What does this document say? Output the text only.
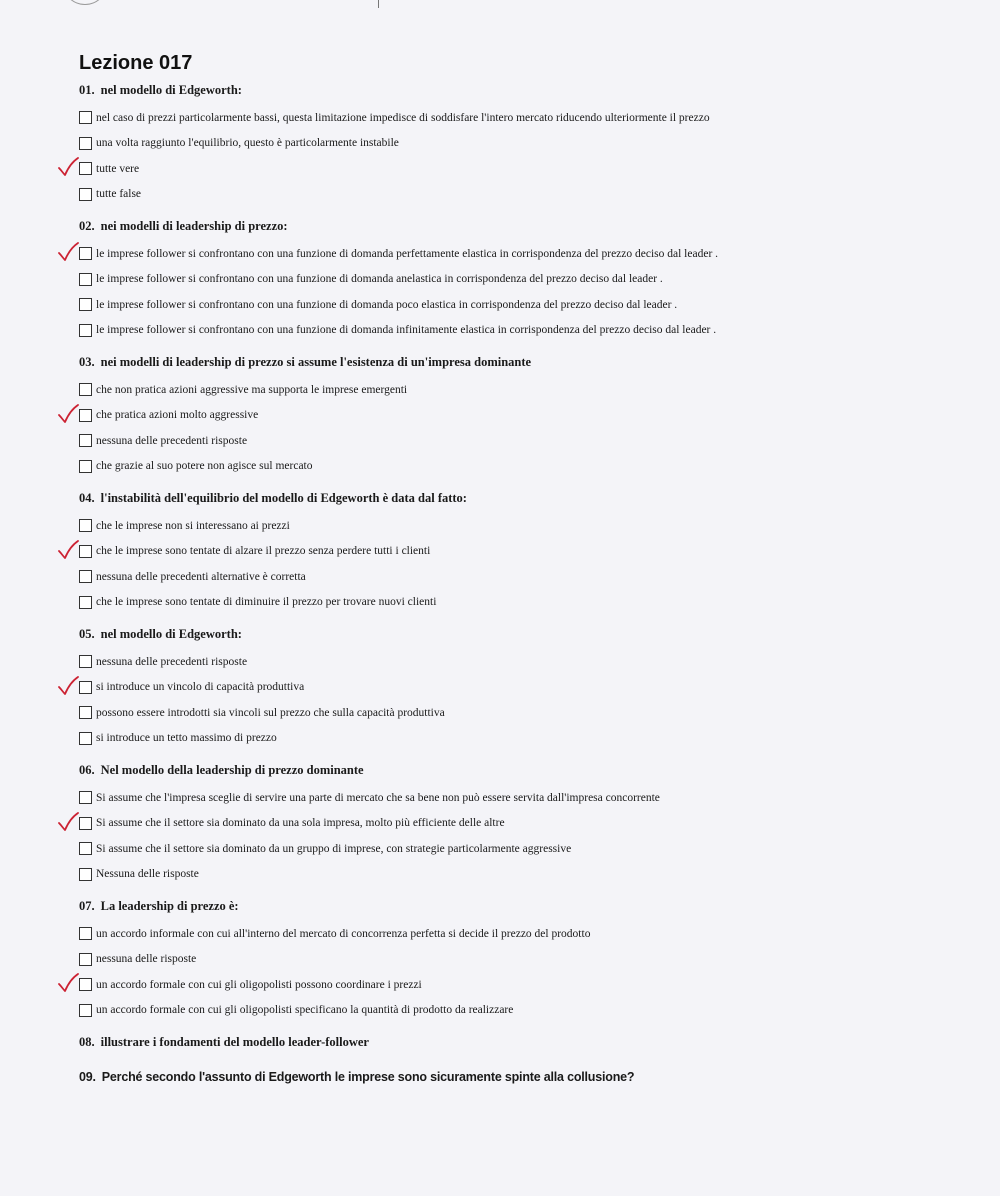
Lezione 017
01. nel modello di Edgeworth:
nel caso di prezzi particolarmente bassi, questa limitazione impedisce di soddisfare l'intero mercato riducendo ulteriormente il prezzo
una volta raggiunto l'equilibrio, questo è particolarmente instabile
tutte vere
tutte false
02. nei modelli di leadership di prezzo:
le imprese follower si confrontano con una funzione di domanda perfettamente elastica in corrispondenza del prezzo deciso dal leader .
le imprese follower si confrontano con una funzione di domanda anelastica in corrispondenza del prezzo deciso dal leader .
le imprese follower si confrontano con una funzione di domanda poco elastica in corrispondenza del prezzo deciso dal leader .
le imprese follower si confrontano con una funzione di domanda infinitamente elastica in corrispondenza del prezzo deciso dal leader .
03. nei modelli di leadership di prezzo si assume l'esistenza di un'impresa dominante
che non pratica azioni aggressive ma supporta le imprese emergenti
che pratica azioni molto aggressive
nessuna delle precedenti risposte
che grazie al suo potere non agisce sul mercato
04. l'instabilità dell'equilibrio del modello di Edgeworth è data dal fatto:
che le imprese non si interessano ai prezzi
che le imprese sono tentate di alzare il prezzo senza perdere tutti i clienti
nessuna delle precedenti alternative è corretta
che le imprese sono tentate di diminuire il prezzo per trovare nuovi clienti
05. nel modello di Edgeworth:
nessuna delle precedenti risposte
si introduce un vincolo di capacità produttiva
possono essere introdotti sia vincoli sul prezzo che sulla capacità produttiva
si introduce un tetto massimo di prezzo
06. Nel modello della leadership di prezzo dominante
Si assume che l'impresa sceglie di servire una parte di mercato che sa bene non può essere servita dall'impresa concorrente
Si assume che il settore sia dominato da una sola impresa, molto più efficiente delle altre
Si assume che il settore sia dominato da un gruppo di imprese, con strategie particolarmente aggressive
Nessuna delle risposte
07. La leadership di prezzo è:
un accordo informale con cui all'interno del mercato di concorrenza perfetta si decide il prezzo del prodotto
nessuna delle risposte
un accordo formale con cui gli oligopolisti possono coordinare i prezzi
un accordo formale con cui gli oligopolisti specificano la quantità di prodotto da realizzare
08. illustrare i fondamenti del modello leader-follower
09. Perché secondo l'assunto di Edgeworth le imprese sono sicuramente spinte alla collusione?
